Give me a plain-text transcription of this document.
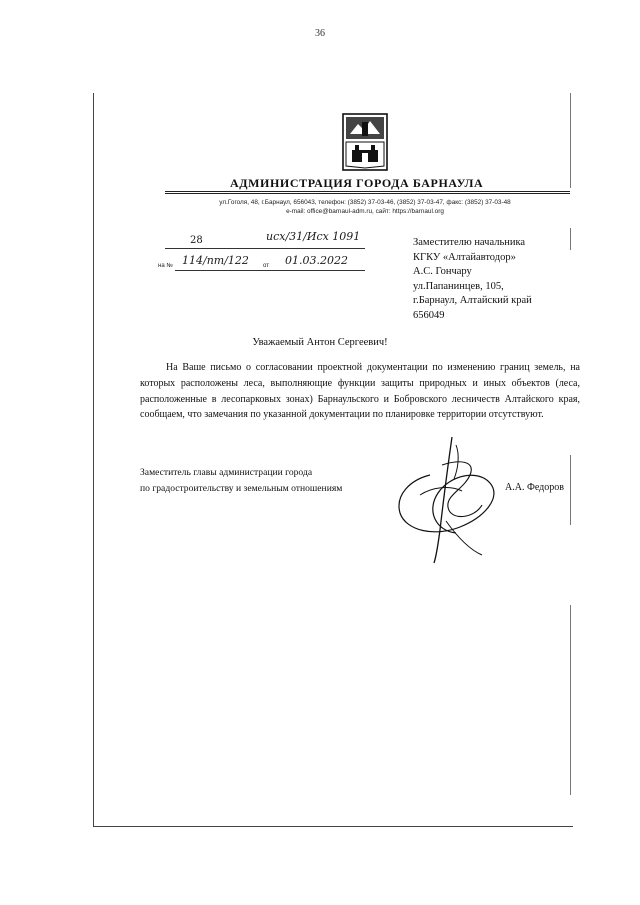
36
АДМИНИСТРАЦИЯ ГОРОДА БАРНАУЛА
ул.Гоголя, 48, г.Барнаул, 656043, телефон: (3852) 37-03-46, (3852) 37-03-47, факс: (3852) 37-03-48
e-mail: office@barnaul-adm.ru, сайт: https://barnaul.org
28	исх/31/Исх 1091
на № 114/пт/122 от 01.03.2022
Заместителю начальника
КГКУ «Алтайавтодор»
А.С. Гончару
ул.Папанинцев, 105,
г.Барнаул, Алтайский край
656049
Уважаемый Антон Сергеевич!
На Ваше письмо о согласовании проектной документации по изменению границ земель, на которых расположены леса, выполняющие функции защиты природных и иных объектов (леса, расположенные в лесопарковых зонах) Барнаульского и Бобровского лесничеств Алтайского края, сообщаем, что замечания по указанной документации по планировке территории отсутствуют.
Заместитель главы администрации города
по градостроительству и земельным отношениям	А.А. Федоров
